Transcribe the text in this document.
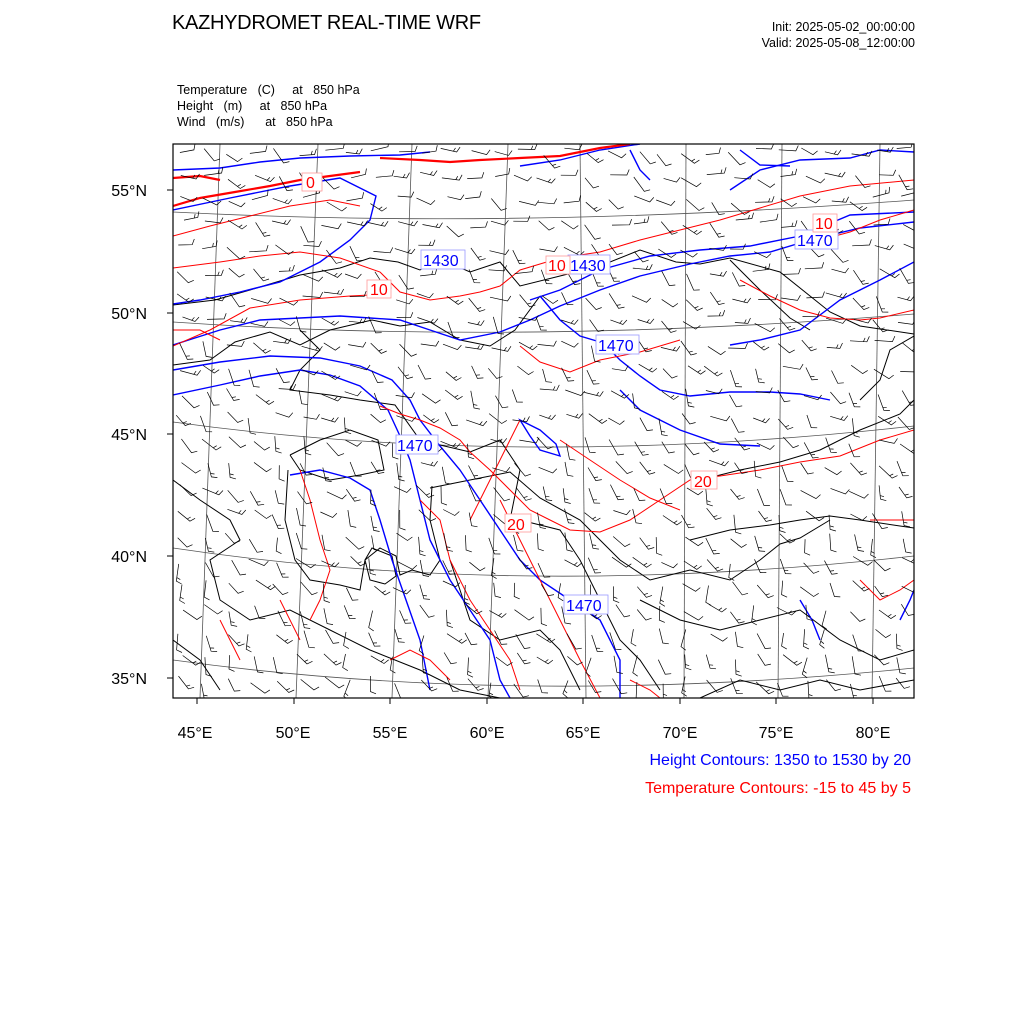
KAZHYDROMET REAL-TIME WRF	Init: 2025-05-02_00:00:00
Valid: 2025-05-08_12:00:00
Temperature   (C)     at   850 hPa
Height   (m)     at   850 hPa
Wind   (m/s)      at   850 hPa
55°N
50°N
45°N
40°N
35°N
45°E	50°E	55°E	60°E	65°E	70°E	75°E	80°E
1430	1430
1470
1470
1470
1470
0
10
10
10
20
20
Height Contours: 1350 to 1530 by 20
Temperature Contours: -15 to 45 by 5
